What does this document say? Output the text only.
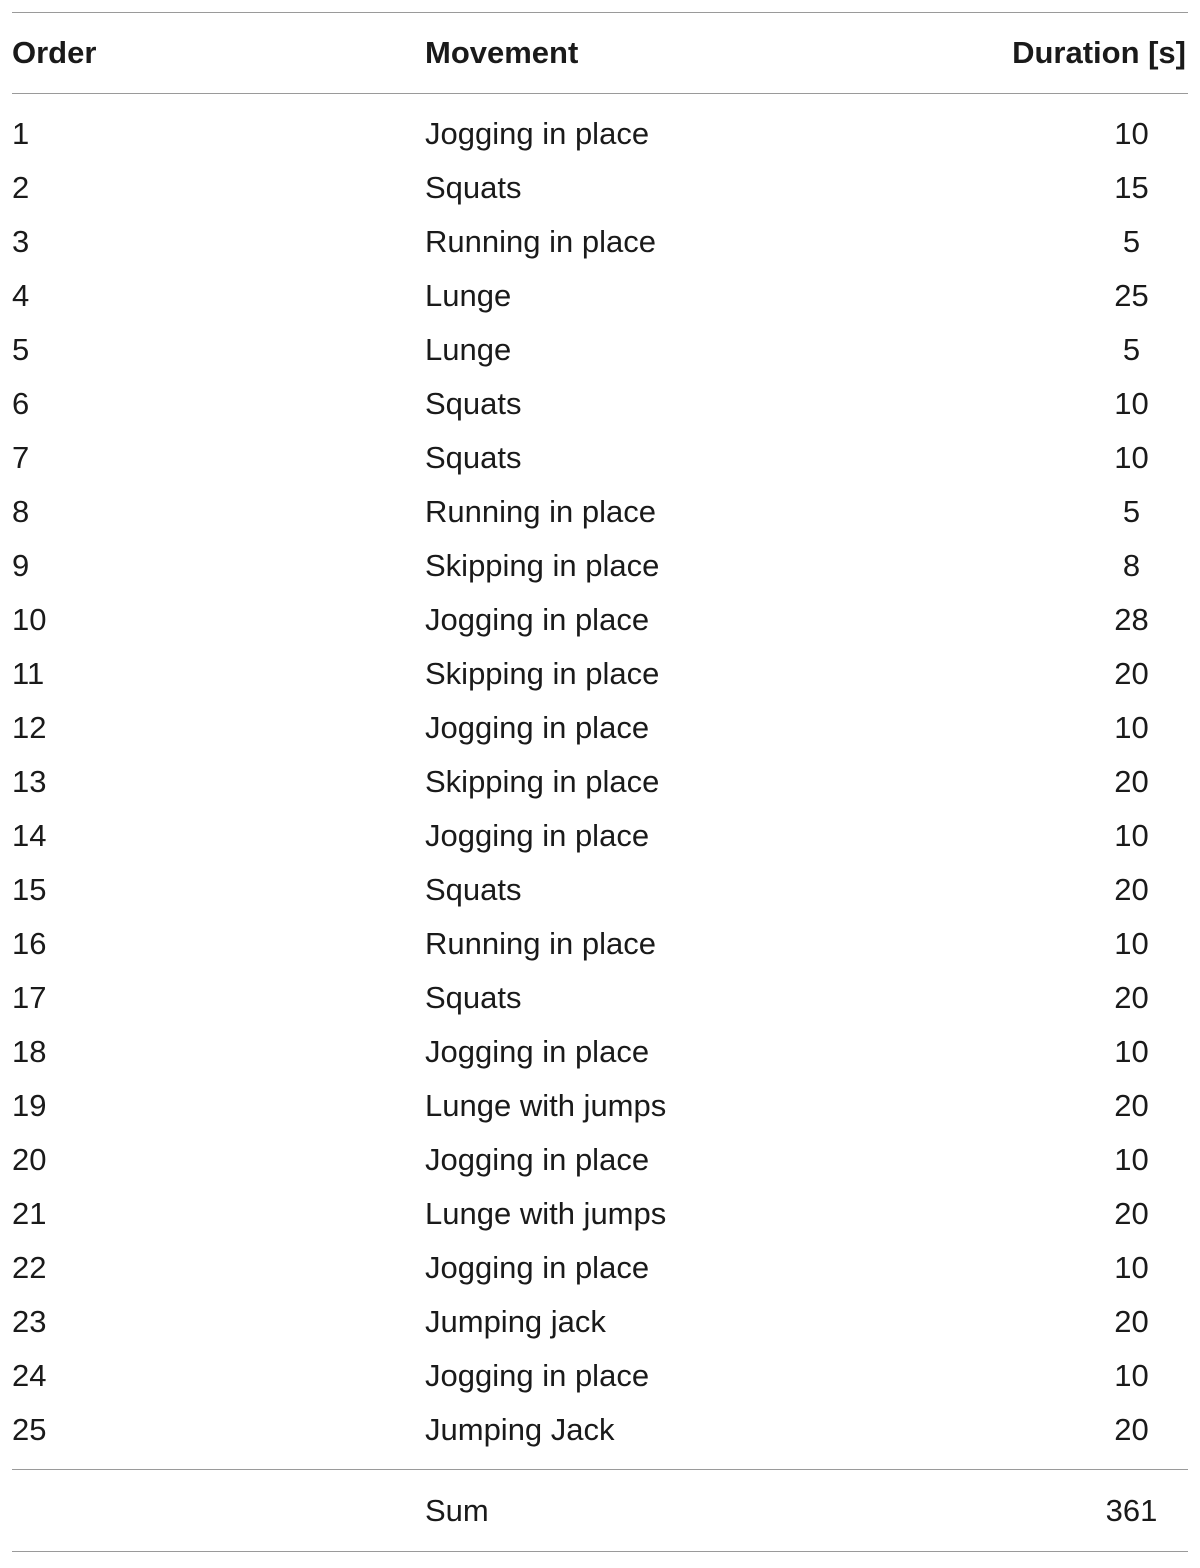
Order	Movement	Duration [s]
1	Jogging in place	10
2	Squats	15
3	Running in place	5
4	Lunge	25
5	Lunge	5
6	Squats	10
7	Squats	10
8	Running in place	5
9	Skipping in place	8
10	Jogging in place	28
11	Skipping in place	20
12	Jogging in place	10
13	Skipping in place	20
14	Jogging in place	10
15	Squats	20
16	Running in place	10
17	Squats	20
18	Jogging in place	10
19	Lunge with jumps	20
20	Jogging in place	10
21	Lunge with jumps	20
22	Jogging in place	10
23	Jumping jack	20
24	Jogging in place	10
25	Jumping Jack	20
Sum	361
